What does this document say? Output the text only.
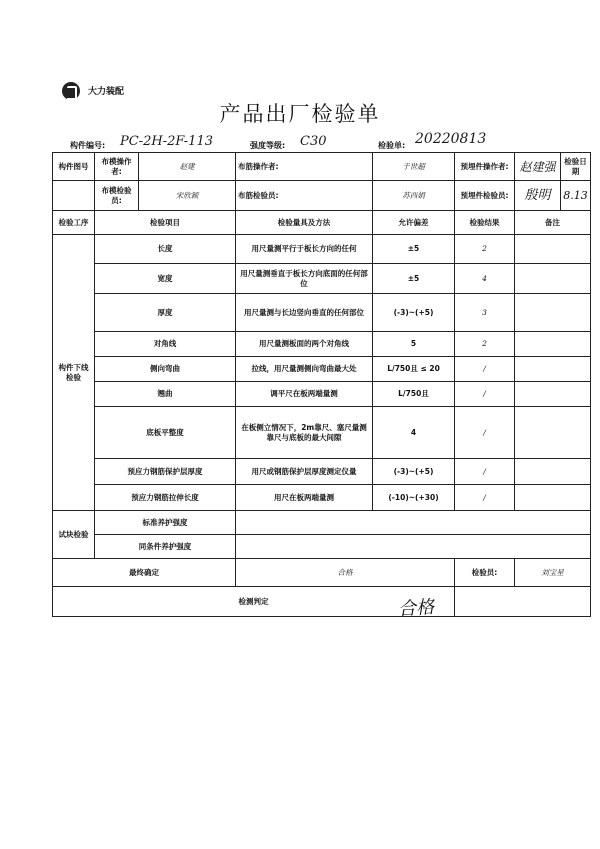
大力装配
产品出厂检验单
构件编号: PC-2H-2F-113	强度等级: C30	检验单: 20220813
构件图号	布模操作者:	赵建	布筋操作者:	于世超	预埋件操作者:	赵建强	检验日期
	布模检验员:	宋欣颖	布筋检验员:	苏西娟	预埋件检验员:	殷明	8.13
检验工序	检验项目		检验量具及方法	允许偏差	检验结果	备注	
构件下线检验	长度		用尺量测平行于板长方向的任何	±5	2		
	宽度		用尺量测垂直于板长方向底面的任何部位	±5	4		
	厚度		用尺量测与长边竖向垂直的任何部位	(-3)~(+5)	3		
	对角线		用尺量测板面的两个对角线	5	2		
	侧向弯曲		拉线，用尺量测侧向弯曲最大处	L/750且 ≤ 20	/		
	翘曲		调平尺在板两端量测	L/750且	/		
	底板平整度		在板侧立情况下，2m靠尺、塞尺量测靠尺与底板的最大间隙	4	/		
	预应力钢筋保护层厚度		用尺或钢筋保护层厚度测定仪量	(-3)~(+5)	/		
	预应力钢筋拉伸长度		用尺在板两端量测	(-10)~(+30)	/		
试块检验	标准养护强度						
	同条件养护强度						
最终确定			合格		检验员:	刘宝星	
检测判定								合格
